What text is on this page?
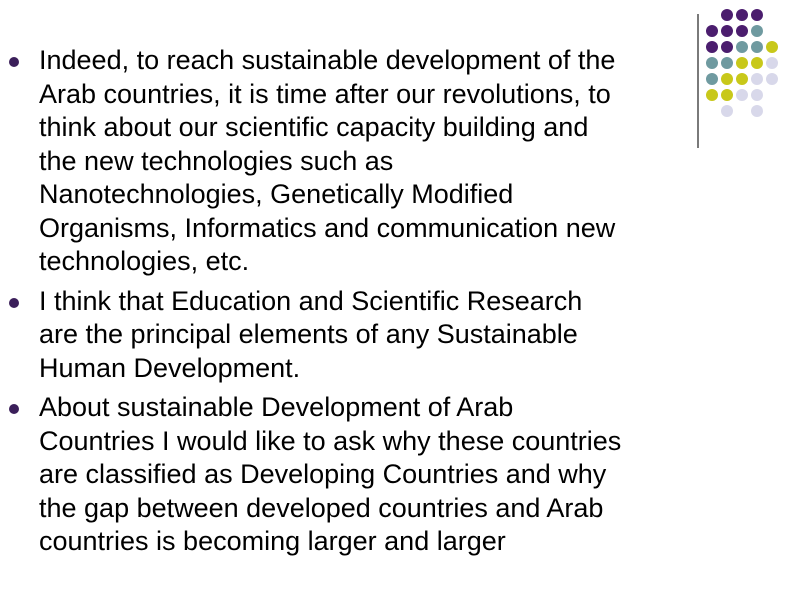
Indeed, to reach sustainable development of the
Arab countries, it is time after our revolutions, to
think about our scientific capacity building and
the new technologies such as
Nanotechnologies, Genetically Modified
Organisms, Informatics and communication new
technologies, etc.
I think that Education and Scientific Research
are the principal elements of any Sustainable
Human Development.
About sustainable Development of Arab
Countries I would like to ask why these countries
are classified as Developing Countries and why
the gap between developed countries and Arab
countries is becoming larger and larger
